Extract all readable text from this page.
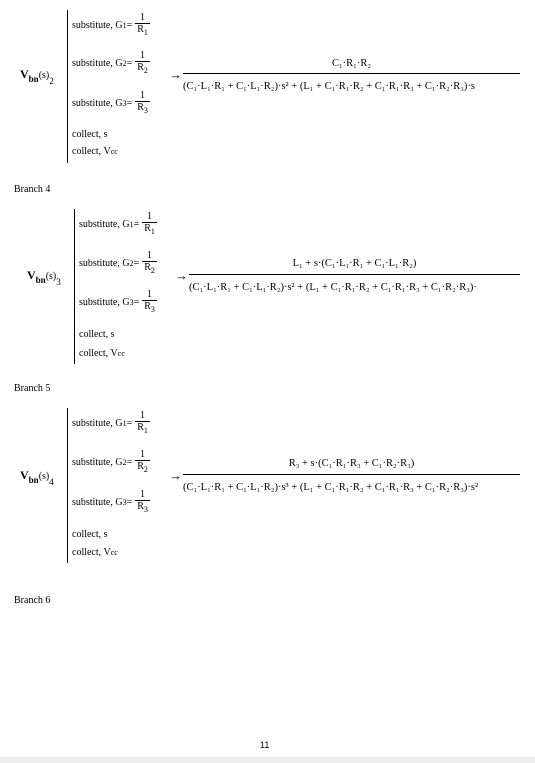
$V_{bn}(s)_2$
substitute, G $1 = \frac{1}{R_1}$
substitute, G $2 = \frac{1}{R_2}$
substitute, G $3 = \frac{1}{R_3}$
collect, s
collect, V cc
→
C₁·R₁·R₂
(C₁·L₁·R₁ + C₁·L₁·R₂)·s² + (L₁ + C₁·R₁·R₂ + C₁·R₁·R₃ + C₁·R₂·R₃)·s
Branch 4
$V_{bn}(s)_3$
substitute, G $1 = \frac{1}{R_1}$
substitute, G $2 = \frac{1}{R_2}$
substitute, G $3 = \frac{1}{R_3}$
collect, s
collect, V cc
→
L₁ + s·(C₁·L₁·R₁ + C₁·L₁·R₂)
(C₁·L₁·R₁ + C₁·L₁·R₂)·s² + (L₁ + C₁·R₁·R₂ + C₁·R₁·R₃ + C₁·R₂·R₃)·
Branch 5
$V_{bn}(s)_4$
substitute, G $1 = \frac{1}{R_1}$
substitute, G $2 = \frac{1}{R_2}$
substitute, G $3 = \frac{1}{R_3}$
collect, s
collect, V cc
→
R₃ + s·(C₁·R₁·R₃ + C₁·R₂·R₃)
(C₁·L₁·R₁ + C₁·L₁·R₂)·s³ + (L₁ + C₁·R₁·R₂ + C₁·R₁·R₃ + C₁·R₂·R₃)·s²
Branch 6
11
